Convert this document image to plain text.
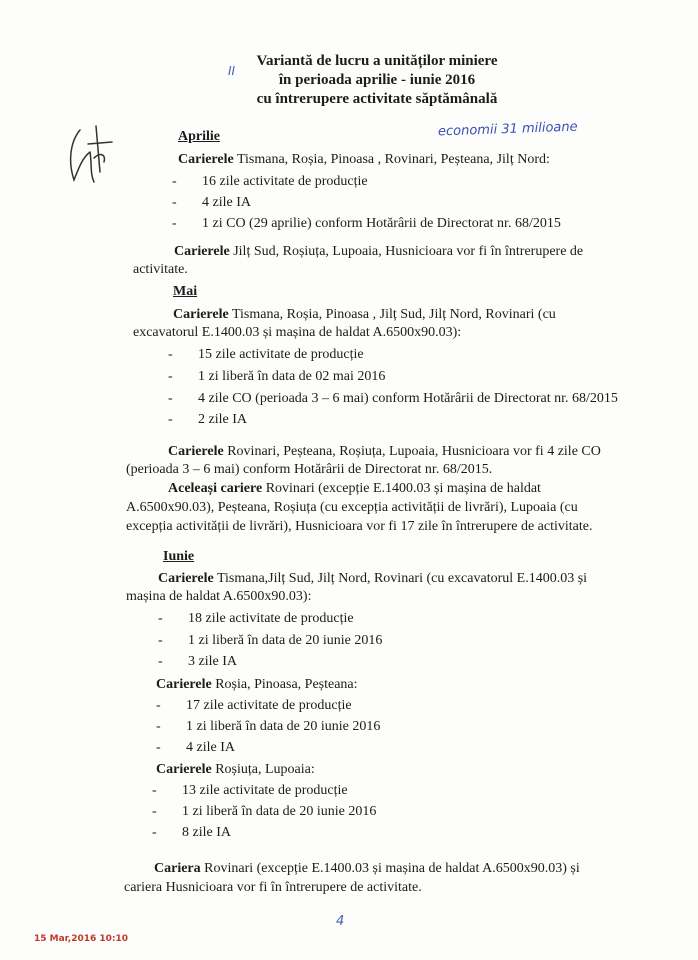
II
economii 31 milioane
Variantă de lucru a unităților miniere
în perioada aprilie - iunie 2016
cu întrerupere activitate săptămânală
Aprilie
Carierele Tismana, Roșia, Pinoasa , Rovinari, Peșteana, Jilț Nord:
- 16 zile activitate de producție
- 4 zile IA
- 1 zi CO (29 aprilie) conform Hotărârii de Directorat nr. 68/2015
Carierele Jilț Sud, Roșiuța, Lupoaia, Husnicioara vor fi în întrerupere de
activitate.
Mai
Carierele Tismana, Roșia, Pinoasa , Jilț Sud, Jilț Nord, Rovinari (cu
excavatorul E.1400.03 și mașina de haldat A.6500x90.03):
- 15 zile activitate de producție
- 1 zi liberă în data de 02 mai 2016
- 4 zile CO (perioada 3 – 6 mai) conform Hotărârii de Directorat nr. 68/2015
- 2 zile IA
Carierele Rovinari, Peșteana, Roșiuța, Lupoaia, Husnicioara vor fi 4 zile CO
(perioada 3 – 6 mai) conform Hotărârii de Directorat nr. 68/2015.
Aceleași cariere Rovinari (excepție E.1400.03 și mașina de haldat
A.6500x90.03), Peșteana, Roșiuța (cu excepția activității de livrări), Lupoaia (cu
excepția activității de livrări), Husnicioara vor fi 17 zile în întrerupere de activitate.
Iunie
Carierele Tismana,Jilț Sud, Jilț Nord, Rovinari (cu excavatorul E.1400.03 și
mașina de haldat A.6500x90.03):
- 18 zile activitate de producție
- 1 zi liberă în data de 20 iunie 2016
- 3 zile IA
Carierele Roșia, Pinoasa, Peșteana:
- 17 zile activitate de producție
- 1 zi liberă în data de 20 iunie 2016
- 4 zile IA
Carierele Roșiuța, Lupoaia:
- 13 zile activitate de producție
- 1 zi liberă în data de 20 iunie 2016
- 8 zile IA
Cariera Rovinari (excepție E.1400.03 și mașina de haldat A.6500x90.03) și
cariera Husnicioara vor fi în întrerupere de activitate.
4
15 Mar,2016 10:10
